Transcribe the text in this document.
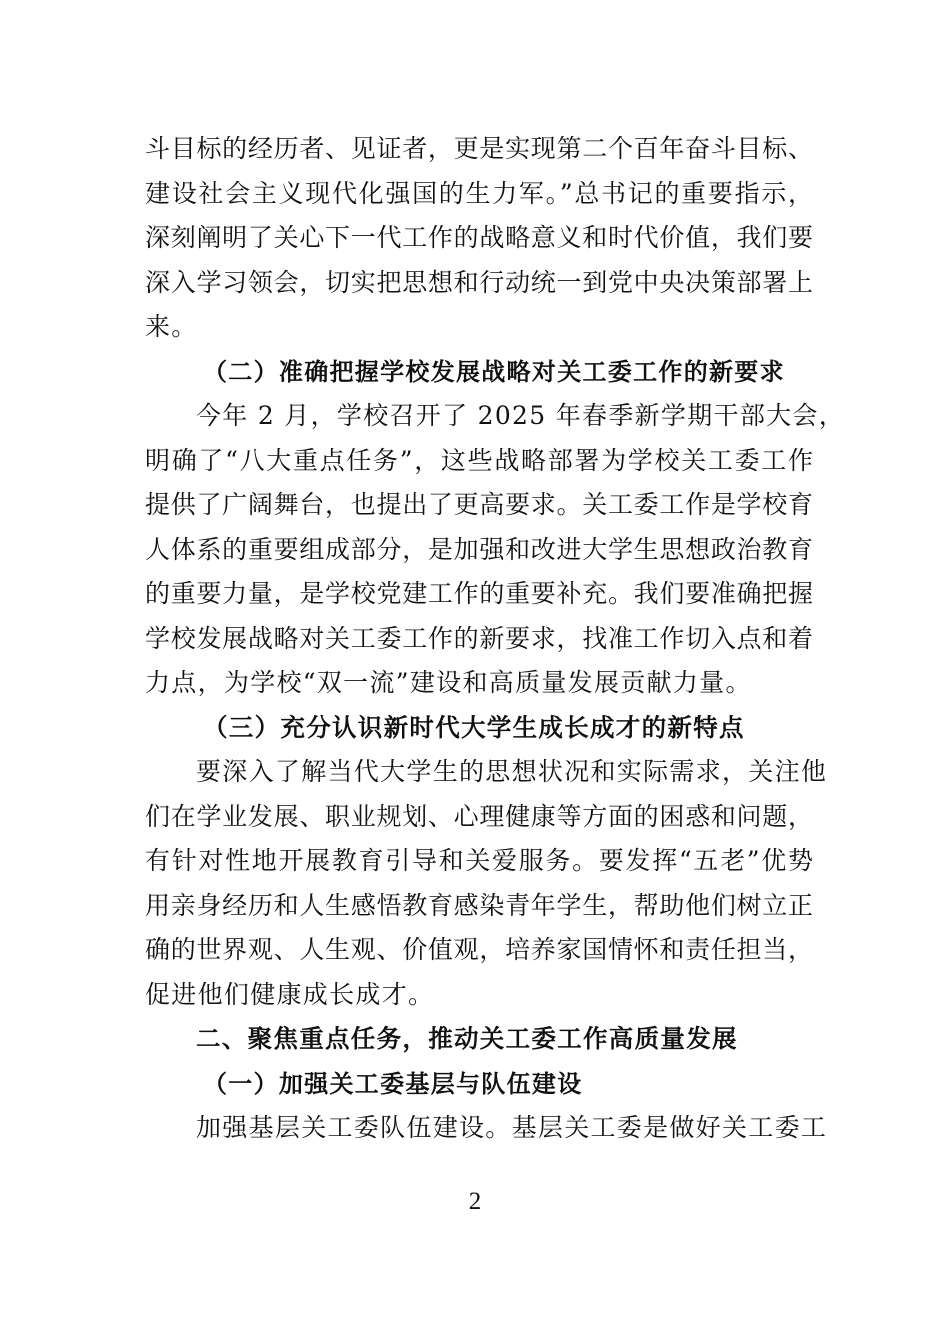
斗目标的经历者、见证者，更是实现第二个百年奋斗目标、
建设社会主义现代化强国的生力军。”总书记的重要指示，
深刻阐明了关心下一代工作的战略意义和时代价值，我们要
深入学习领会，切实把思想和行动统一到党中央决策部署上
来。
（二）准确把握学校发展战略对关工委工作的新要求
今年 2 月，学校召开了 2025 年春季新学期干部大会，
明确了“八大重点任务”，这些战略部署为学校关工委工作
提供了广阔舞台，也提出了更高要求。关工委工作是学校育
人体系的重要组成部分，是加强和改进大学生思想政治教育
的重要力量，是学校党建工作的重要补充。我们要准确把握
学校发展战略对关工委工作的新要求，找准工作切入点和着
力点，为学校“双一流”建设和高质量发展贡献力量。
（三）充分认识新时代大学生成长成才的新特点
要深入了解当代大学生的思想状况和实际需求，关注他
们在学业发展、职业规划、心理健康等方面的困惑和问题，
有针对性地开展教育引导和关爱服务。要发挥“五老”优势
用亲身经历和人生感悟教育感染青年学生，帮助他们树立正
确的世界观、人生观、价值观，培养家国情怀和责任担当，
促进他们健康成长成才。
二、聚焦重点任务，推动关工委工作高质量发展
（一）加强关工委基层与队伍建设
加强基层关工委队伍建设。基层关工委是做好关工委工
2
